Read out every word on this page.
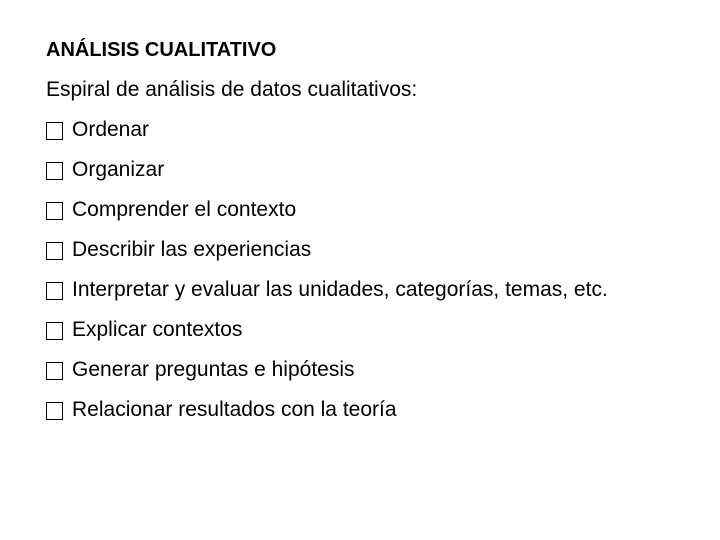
ANÁLISIS CUALITATIVO
Espiral de análisis de datos cualitativos:
Ordenar
Organizar
Comprender el contexto
Describir las experiencias
Interpretar y evaluar las unidades, categorías, temas, etc.
Explicar contextos
Generar preguntas e hipótesis
Relacionar resultados con la teoría
